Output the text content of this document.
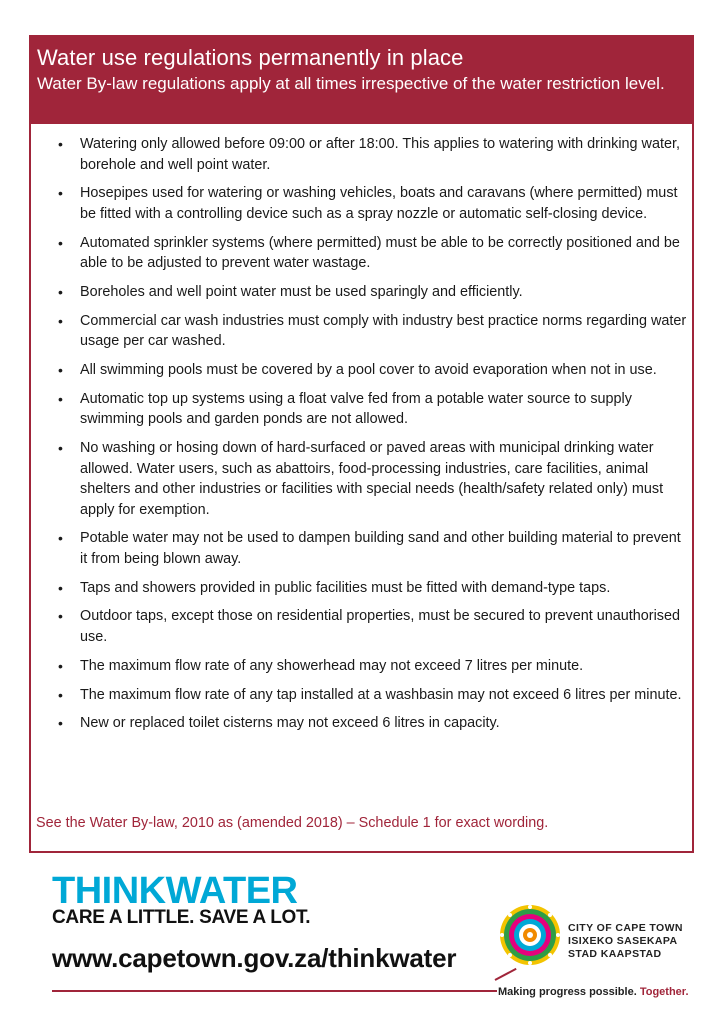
Water use regulations permanently in place

Water By-law regulations apply at all times irrespective of the water restriction level.

• Watering only allowed before 09:00 or after 18:00. This applies to watering with drinking water, borehole and well point water.
• Hosepipes used for watering or washing vehicles, boats and caravans (where permitted) must be fitted with a controlling device such as a spray nozzle or automatic self-closing device.
• Automated sprinkler systems (where permitted) must be able to be correctly positioned and be able to be adjusted to prevent water wastage.
• Boreholes and well point water must be used sparingly and efficiently.
• Commercial car wash industries must comply with industry best practice norms regarding water usage per car washed.
• All swimming pools must be covered by a pool cover to avoid evaporation when not in use.
• Automatic top up systems using a float valve fed from a potable water source to supply swimming pools and garden ponds are not allowed.
• No washing or hosing down of hard-surfaced or paved areas with municipal drinking water allowed. Water users, such as abattoirs, food-processing industries, care facilities, animal shelters and other industries or facilities with special needs (health/safety related only) must apply for exemption.
• Potable water may not be used to dampen building sand and other building material to prevent it from being blown away.
• Taps and showers provided in public facilities must be fitted with demand-type taps.
• Outdoor taps, except those on residential properties, must be secured to prevent unauthorised use.
• The maximum flow rate of any showerhead may not exceed 7 litres per minute.
• The maximum flow rate of any tap installed at a washbasin may not exceed 6 litres per minute.
• New or replaced toilet cisterns may not exceed 6 litres in capacity.
See the Water By-law, 2010 as (amended 2018) – Schedule 1 for exact wording.
THINKWATER
CARE A LITTLE. SAVE A LOT.
www.capetown.gov.za/thinkwater
CITY OF CAPE TOWN
ISIXEKO SASEKAPA
STAD KAAPSTAD
Making progress possible. Together.
